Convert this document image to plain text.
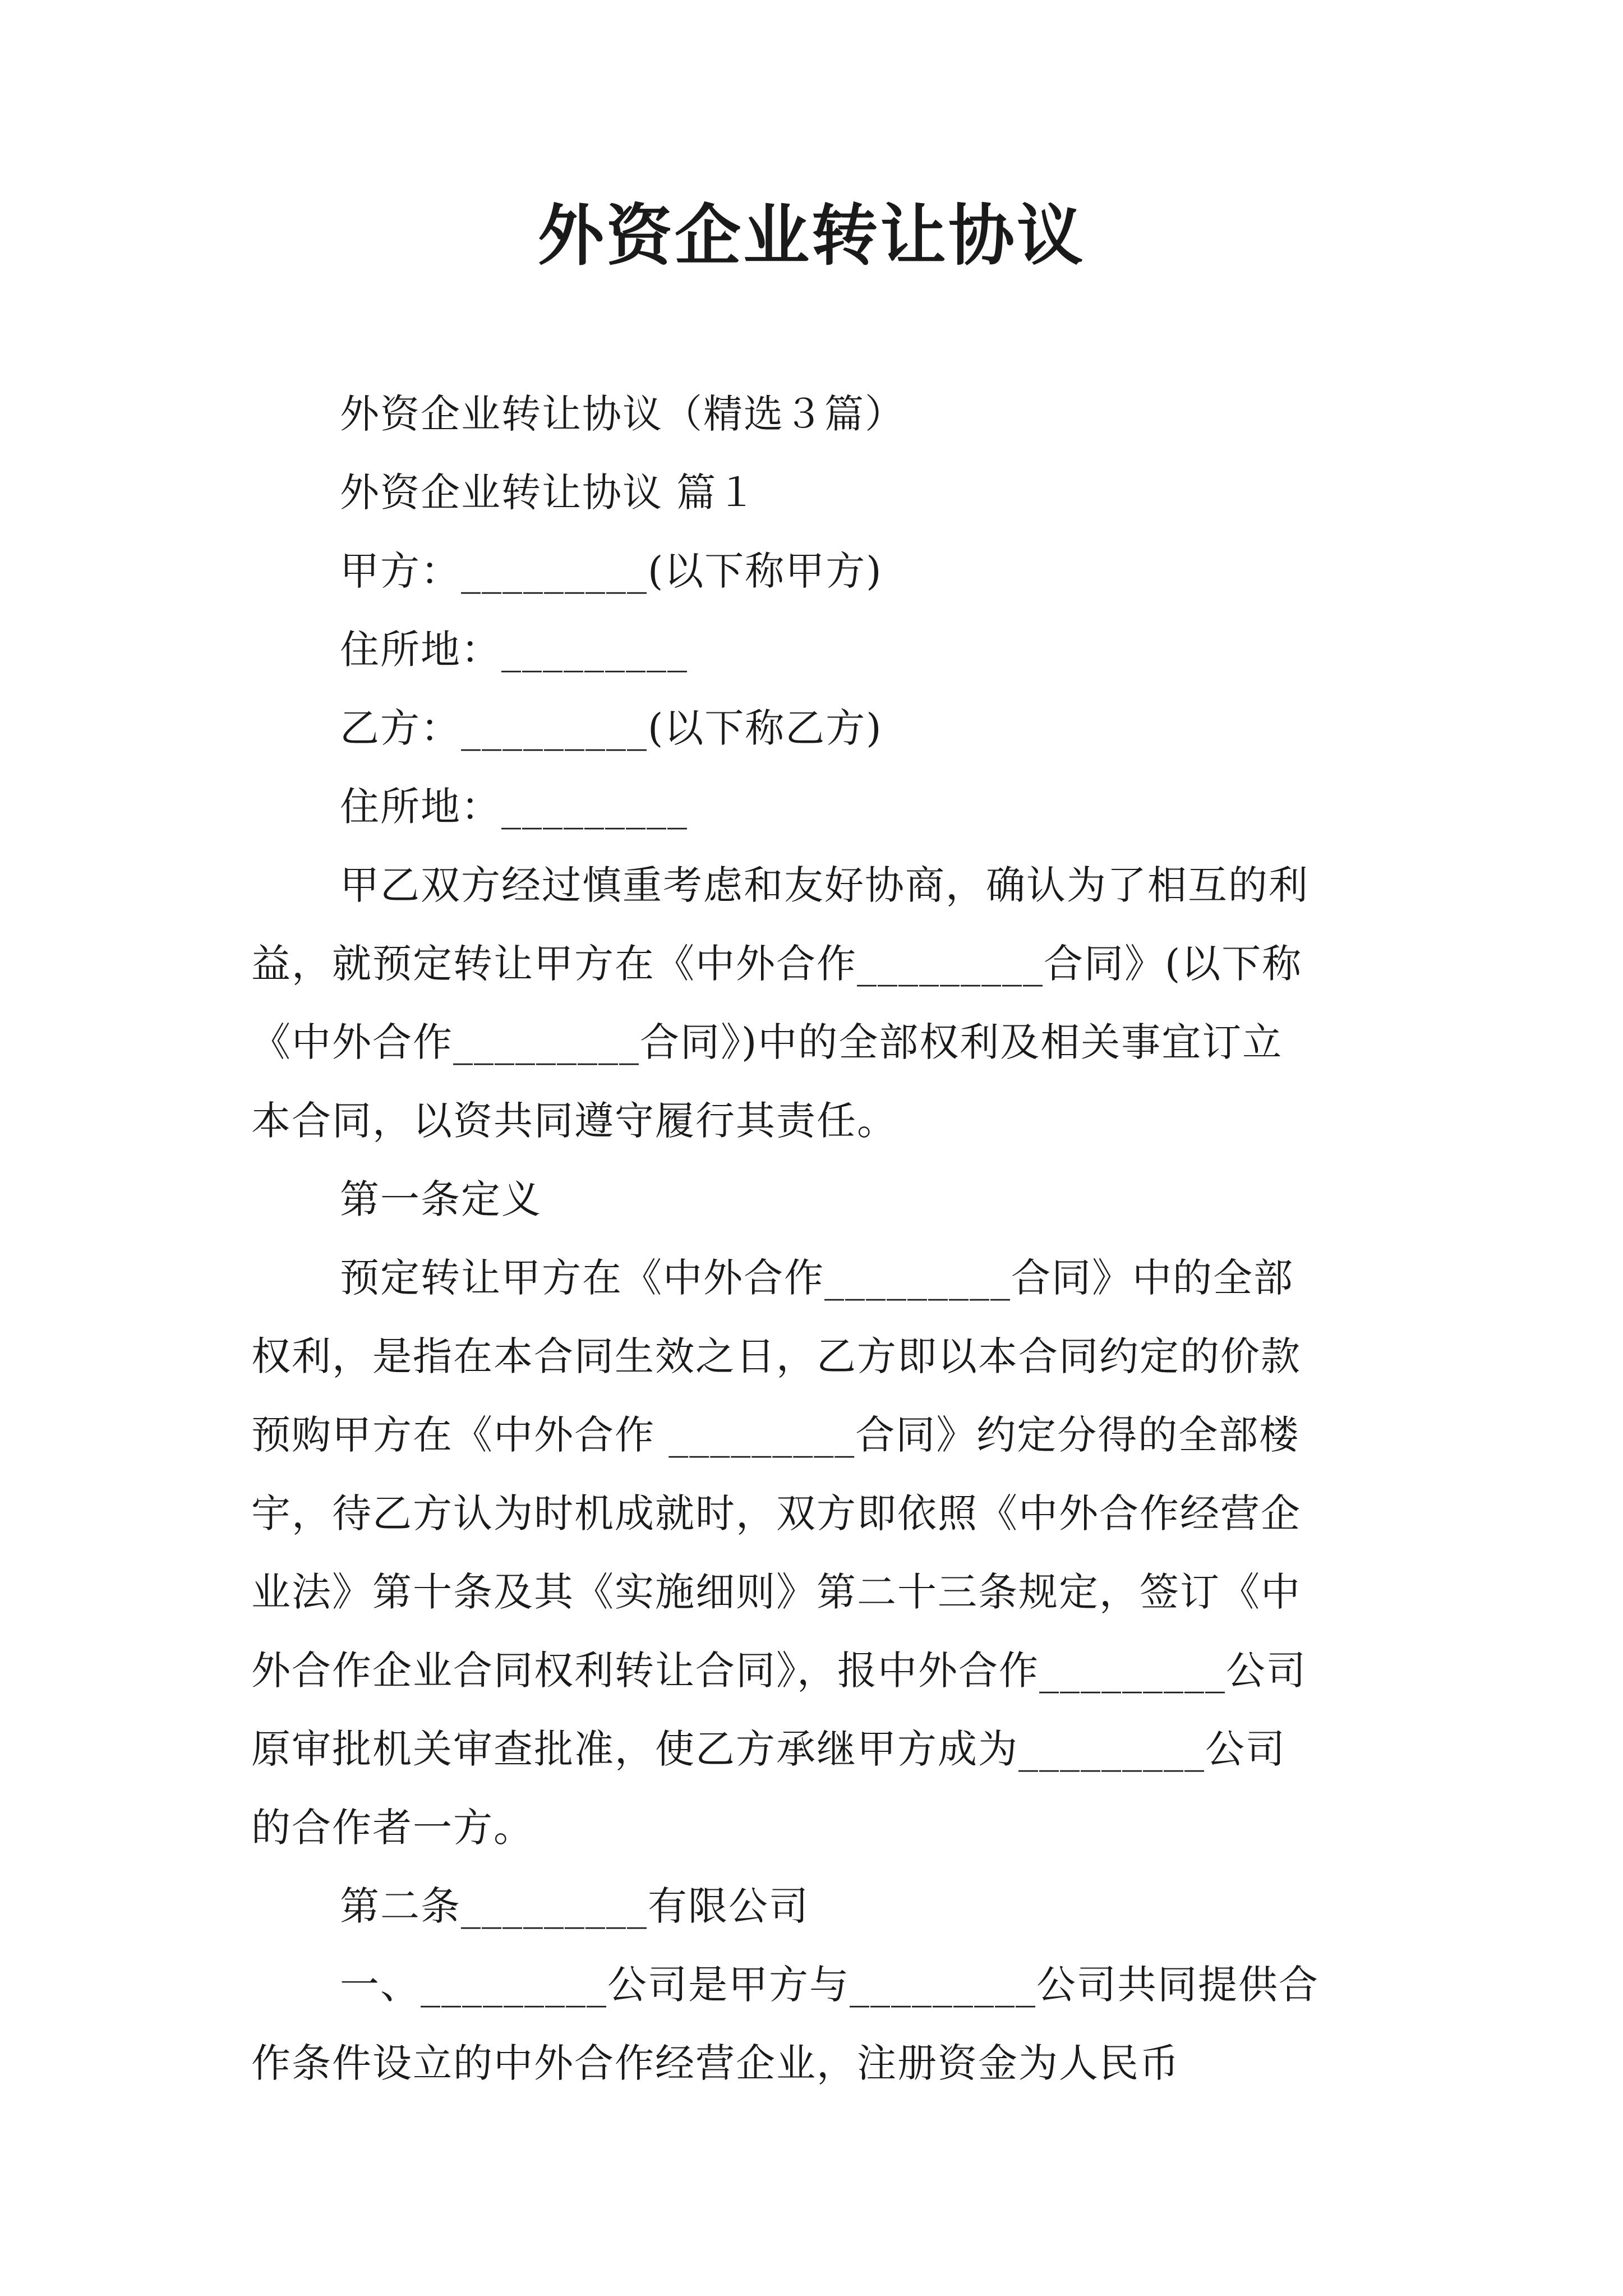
外资企业转让协议
外资企业转让协议（精选３篇）
外资企业转让协议 篇１
甲方：_________(以下称甲方)
住所地：_________
乙方：_________(以下称乙方)
住所地：_________
甲乙双方经过慎重考虑和友好协商，确认为了相互的利
益，就预定转让甲方在《中外合作_________合同》(以下称
《中外合作_________合同》)中的全部权利及相关事宜订立
本合同，以资共同遵守履行其责任。
第一条定义
预定转让甲方在《中外合作_________合同》中的全部
权利，是指在本合同生效之日，乙方即以本合同约定的价款
预购甲方在《中外合作 _________合同》约定分得的全部楼
宇，待乙方认为时机成就时，双方即依照《中外合作经营企
业法》第十条及其《实施细则》第二十三条规定，签订《中
外合作企业合同权利转让合同》，报中外合作_________公司
原审批机关审查批准，使乙方承继甲方成为_________公司
的合作者一方。
第二条_________有限公司
一、_________公司是甲方与_________公司共同提供合
作条件设立的中外合作经营企业，注册资金为人民币
